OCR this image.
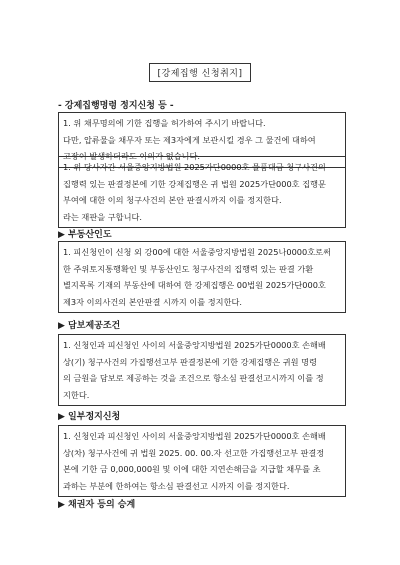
[강제집행 신청취지]
- 강제집행명령 정지신청 등 -

1. 위 채무명의에 기한 집행을 허가하여 주시기 바랍니다.

다만, 압류물을 채무자 또는 제3자에게 보관시킬 경우 그 물건에 대하여

고장이 발생하더라도 이의가 없습니다.

1. 위 당사자간 서울중앙지방법원 2025가단0000호 물품대금 청구사건의

집행력 있는 판결정본에 기한 강제집행은 귀 법원 2025가단000호 집행문

부여에 대한 이의 청구사건의 본안 판결시까지 이를 정지한다.

라는 재판을 구합니다.

▶ 부동산인도

1. 피신청인이 신청 외 강00에 대한 서울중앙지방법원 2025나0000호로써

한 주위토지통행확인 및 부동산인도 청구사건의 집행력 있는 판결 가환

별지목록 기재의 부동산에 대하여 한 강제집행은 00법원 2025가단000호

제3자 이의사건의 본안판결 시까지 이를 정지한다.

▶ 담보제공조건

1. 신청인과 피신청인 사이의 서울중앙지방법원 2025가단0000호 손해배

상(기) 청구사건의 가집행선고부 판결정본에 기한 강제집행은 귀원 명령

의 금원을 담보로 제공하는 것을 조건으로 항소심 판결선고시까지 이를 정

지한다.

▶ 일부정지신청

1. 신청인과 피신청인 사이의 서울중앙지방법원 2025가단0000호 손해배

상(차) 청구사건에 귀 법원 2025. 00. 00.자 선고한 가집행선고부 판결정

본에 기한 금 0,000,000원 및 이에 대한 지연손해금을 지급할 채무를 초

과하는 부분에 한하여는 항소심 판결선고 시까지 이를 정지한다.

▶ 채권자 등의 승계
